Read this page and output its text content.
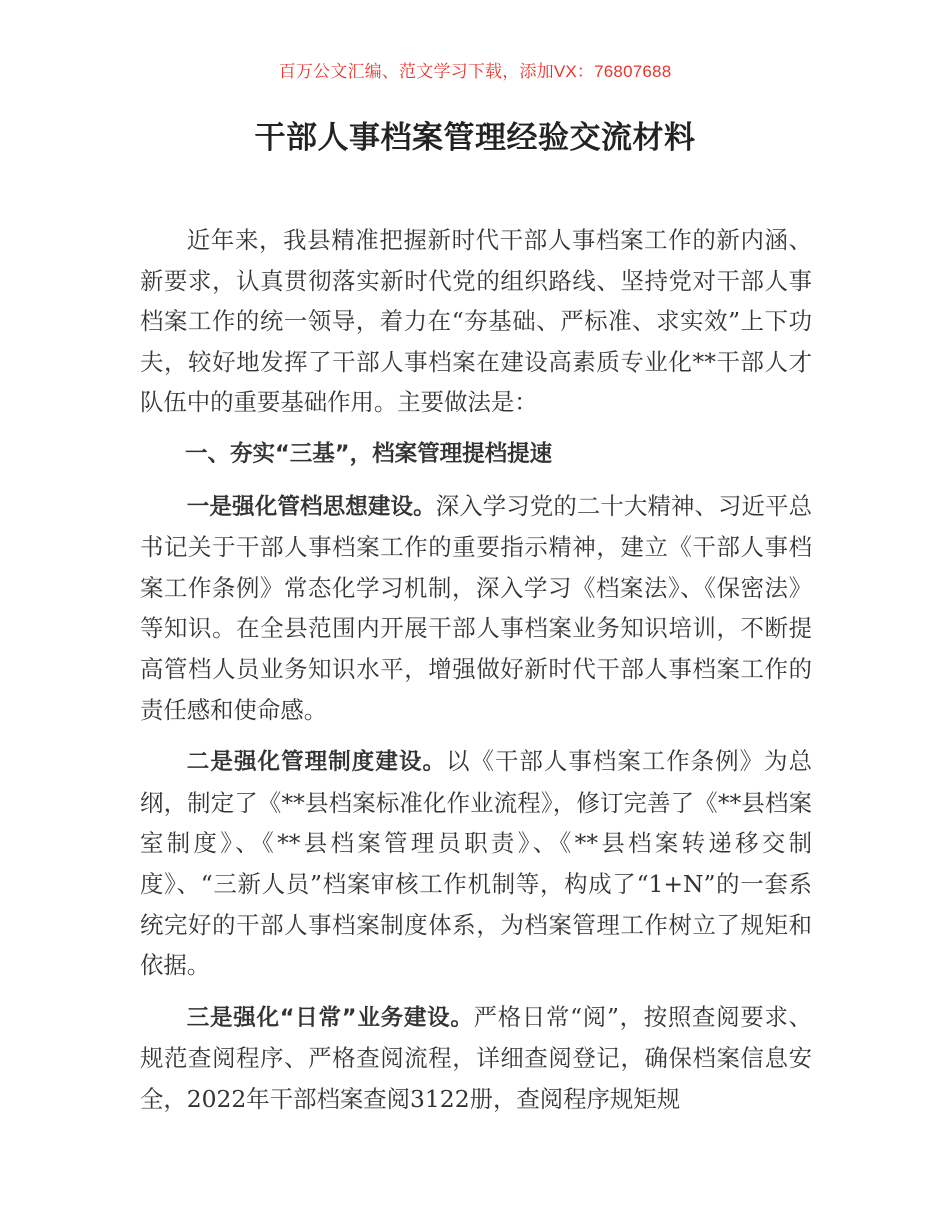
百万公文汇编、范文学习下载，添加VX：76807688
干部人事档案管理经验交流材料

近年来，我县精准把握新时代干部人事档案工作的新内涵、新要求，认真贯彻落实新时代党的组织路线、坚持党对干部人事档案工作的统一领导，着力在“夯基础、严标准、求实效”上下功夫，较好地发挥了干部人事档案在建设高素质专业化**干部人才队伍中的重要基础作用。主要做法是：

一、夯实“三基”，档案管理提档提速

一是强化管档思想建设。深入学习党的二十大精神、习近平总书记关于干部人事档案工作的重要指示精神，建立《干部人事档案工作条例》常态化学习机制，深入学习《档案法》、《保密法》等知识。在全县范围内开展干部人事档案业务知识培训，不断提高管档人员业务知识水平，增强做好新时代干部人事档案工作的责任感和使命感。

二是强化管理制度建设。以《干部人事档案工作条例》为总纲，制定了《**县档案标准化作业流程》，修订完善了《**县档案室制度》、《**县档案管理员职责》、《**县档案转递移交制度》、“三新人员”档案审核工作机制等，构成了“1+N”的一套系统完好的干部人事档案制度体系，为档案管理工作树立了规矩和依据。

三是强化“日常”业务建设。严格日常“阅”，按照查阅要求、规范查阅程序、严格查阅流程，详细查阅登记，确保档案信息安全，2022年干部档案查阅3122册，查阅程序规矩规
